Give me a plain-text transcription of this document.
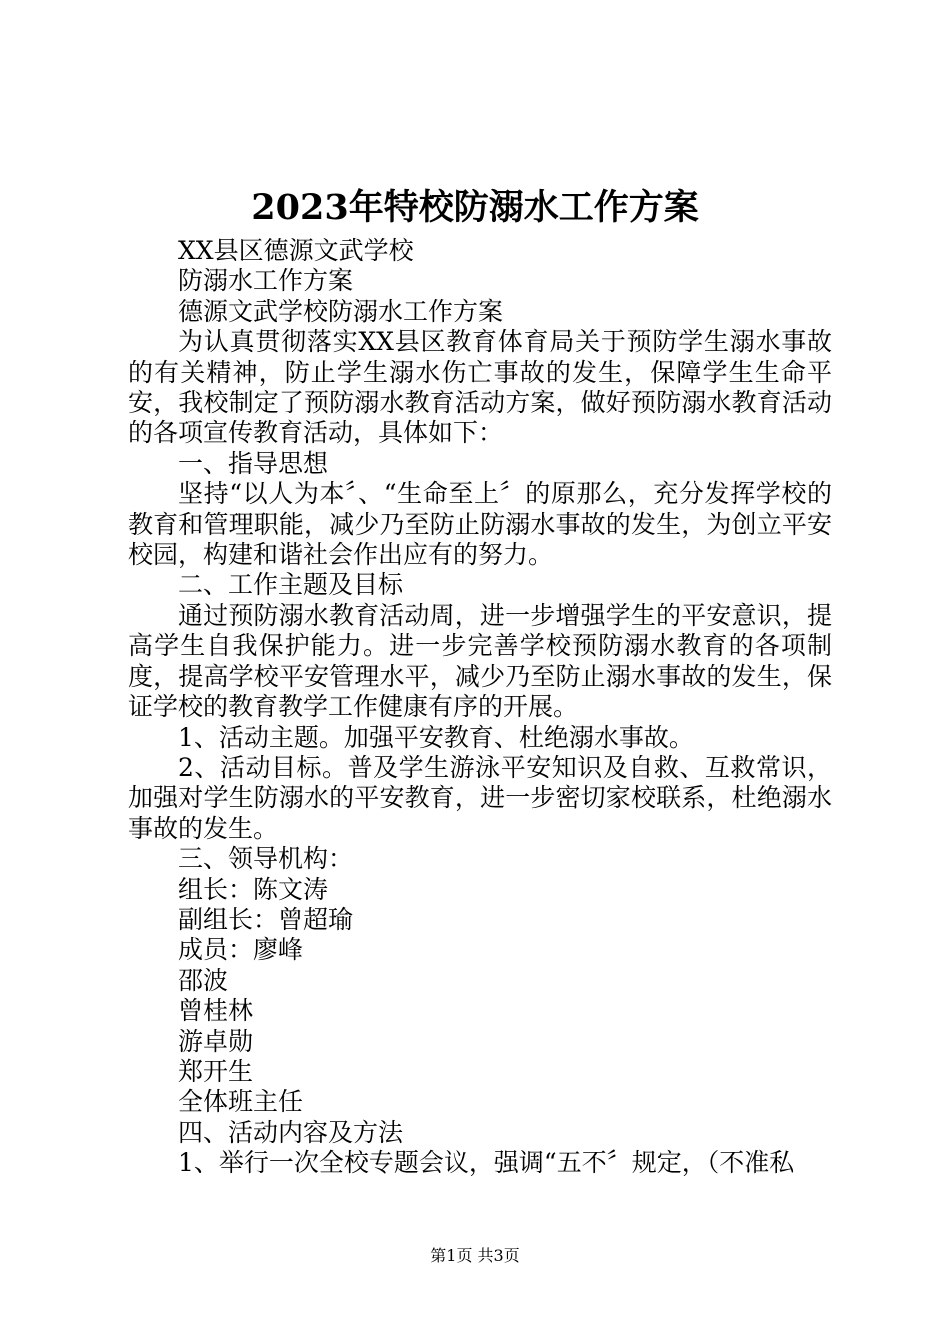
2023年特校防溺水工作方案

XX县区德源文武学校

防溺水工作方案

德源文武学校防溺水工作方案

为认真贯彻落实XX县区教育体育局关于预防学生溺水事故的有关精神，防止学生溺水伤亡事故的发生，保障学生生命平安，我校制定了预防溺水教育活动方案，做好预防溺水教育活动的各项宣传教育活动，具体如下：

一、指导思想

坚持“以人为本〞、“生命至上〞的原那么，充分发挥学校的教育和管理职能，减少乃至防止防溺水事故的发生，为创立平安校园，构建和谐社会作出应有的努力。

二、工作主题及目标

通过预防溺水教育活动周，进一步增强学生的平安意识，提高学生自我保护能力。进一步完善学校预防溺水教育的各项制度，提高学校平安管理水平，减少乃至防止溺水事故的发生，保证学校的教育教学工作健康有序的开展。

1、活动主题。加强平安教育、杜绝溺水事故。

2、活动目标。普及学生游泳平安知识及自救、互救常识，加强对学生防溺水的平安教育，进一步密切家校联系，杜绝溺水事故的发生。

三、领导机构：

组长：陈文涛

副组长：曾超瑜

成员：廖峰

邵波

曾桂林

游卓勋

郑开生

全体班主任

四、活动内容及方法

1、举行一次全校专题会议，强调“五不〞规定，（不准私

第1页 共3页
